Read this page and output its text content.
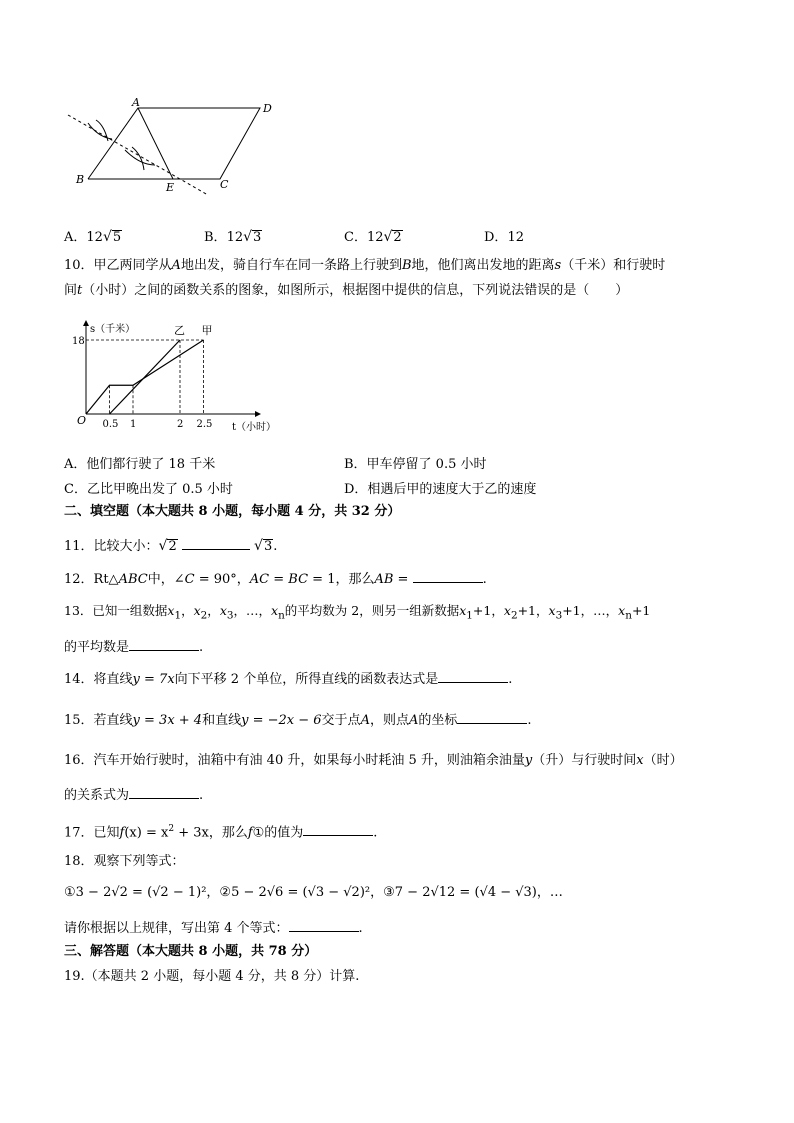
A	D
B
E	C
A．12√5	B．12√3	C．12√2	D．12
10．甲乙两同学从A地出发，骑自行车在同一条路上行驶到B地，他们离出发地的距离s（千米）和行驶时
间t（小时）之间的函数关系的图象，如图所示，根据图中提供的信息，下列说法错误的是（　　）
O
s（千米）
t（小时）
18
0.5 1	2 2.5
乙 甲
A．他们都行驶了 18 千米	B．甲车停留了 0.5 小时
C．乙比甲晚出发了 0.5 小时	D．相遇后甲的速度大于乙的速度
二、填空题（本大题共 8 小题，每小题 4 分，共 32 分）
11．比较大小：√2	√3.
12．Rt△ABC中，∠C = 90°，AC = BC = 1，那么AB =	.
13．已知一组数据$x_1$，$x_2$，$x_3$，…，$x_n$的平均数为 2，则另一组新数据$x_1+1$，$x_2+1$，$x_3+1$，…，$x_n+1$
的平均数是	.
14．将直线y = 7x向下平移 2 个单位，所得直线的函数表达式是	.
15．若直线y = 3x + 4和直线y = −2x − 6交于点A，则点A的坐标	.
16．汽车开始行驶时，油箱中有油 40 升，如果每小时耗油 5 升，则油箱余油量y（升）与行驶时间x（时）
的关系式为	.
17．已知$f(x) = x^2 + 3x$，那么f①的值为	.
18．观察下列等式：
①3 − 2√2 = (√2 − 1)²，②5 − 2√6 = (√3 − √2)²，③7 − 2√12 = (√4 − √3)，…
请你根据以上规律，写出第 4 个等式：	.
三、解答题（本大题共 8 小题，共 78 分）
19.（本题共 2 小题，每小题 4 分，共 8 分）计算.
